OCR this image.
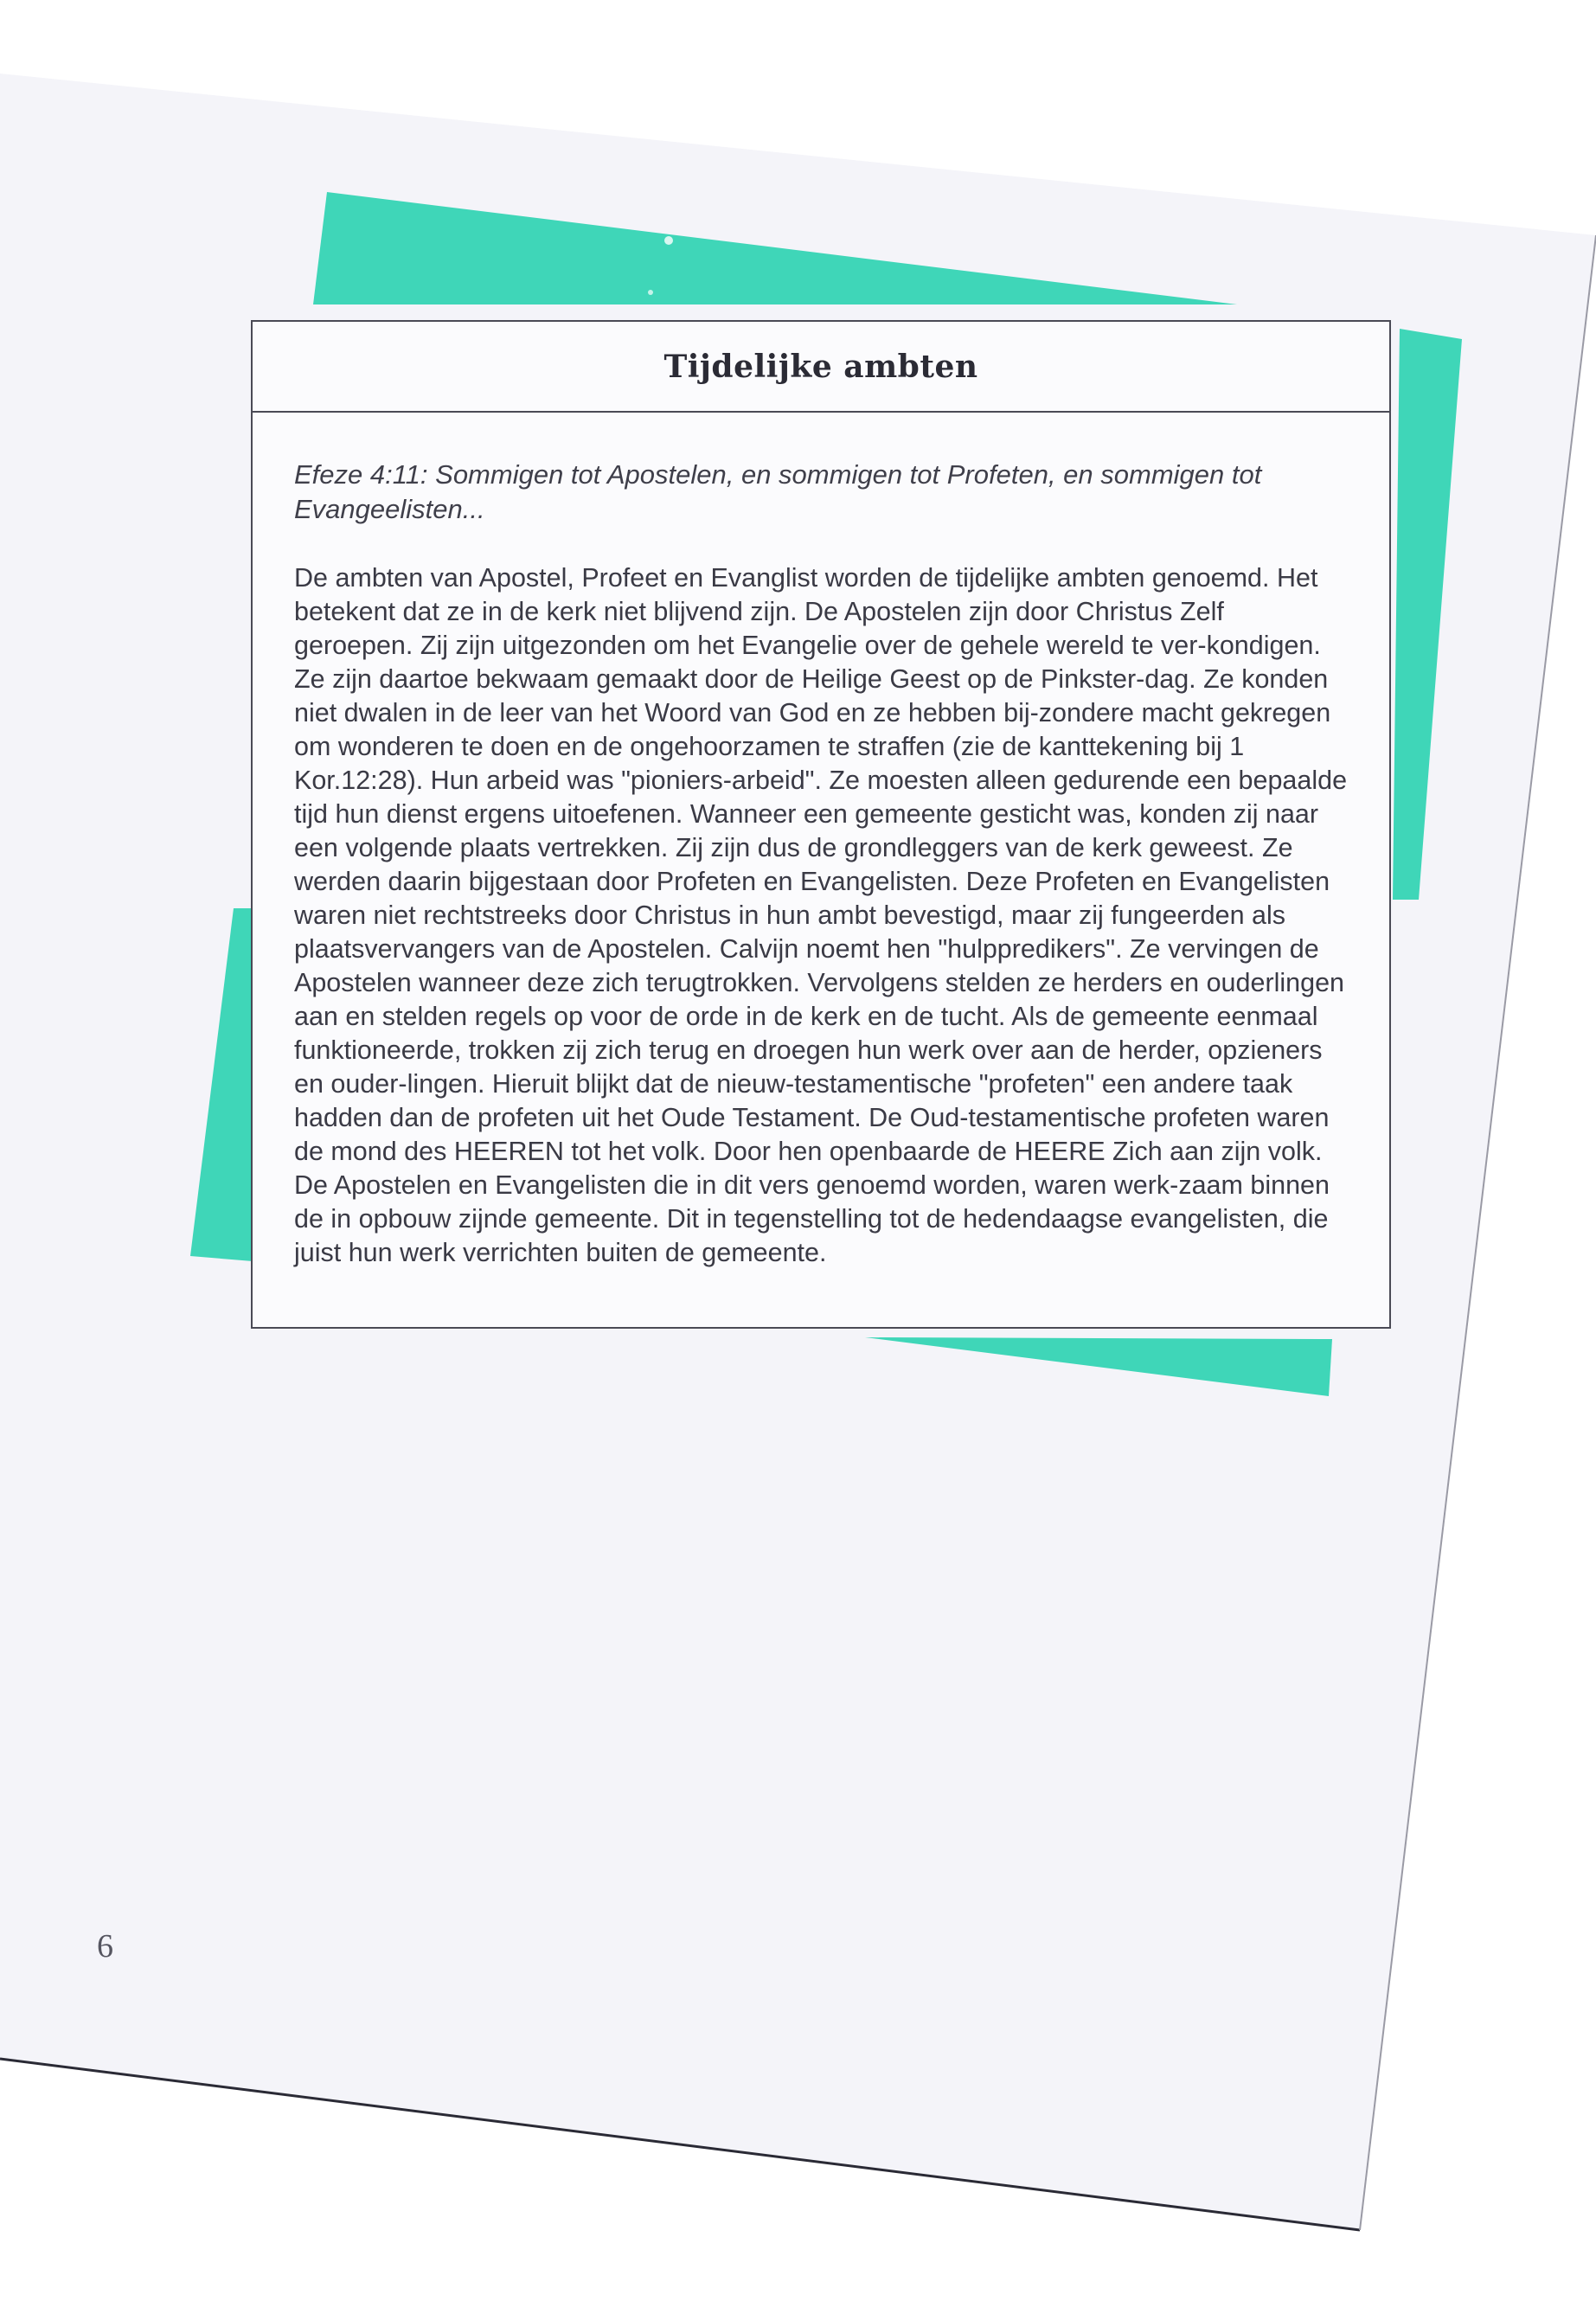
Tijdelijke ambten

Efeze 4:11: Sommigen tot Apostelen, en sommigen tot Profeten, en sommigen tot Evangeelisten...

De ambten van Apostel, Profeet en Evanglist worden de tijdelijke ambten genoemd. Het betekent dat ze in de kerk niet blijvend zijn. De Apostelen zijn door Christus Zelf geroepen. Zij zijn uitgezonden om het Evangelie over de gehele wereld te ver-kondigen. Ze zijn daartoe bekwaam gemaakt door de Heilige Geest op de Pinkster-dag. Ze konden niet dwalen in de leer van het Woord van God en ze hebben bij-zondere macht gekregen om wonderen te doen en de ongehoorzamen te straffen (zie de kanttekening bij 1 Kor.12:28). Hun arbeid was "pioniers-arbeid". Ze moesten alleen gedurende een bepaalde tijd hun dienst ergens uitoefenen. Wanneer een gemeente gesticht was, konden zij naar een volgende plaats vertrekken. Zij zijn dus de grondleggers van de kerk geweest. Ze werden daarin bijgestaan door Profeten en Evangelisten. Deze Profeten en Evangelisten waren niet rechtstreeks door Christus in hun ambt bevestigd, maar zij fungeerden als plaatsvervangers van de Apostelen. Calvijn noemt hen "hulppredikers". Ze vervingen de Apostelen wanneer deze zich terugtrokken. Vervolgens stelden ze herders en ouderlingen aan en stelden regels op voor de orde in de kerk en de tucht. Als de gemeente eenmaal funktioneerde, trokken zij zich terug en droegen hun werk over aan de herder, opzieners en ouder-lingen. Hieruit blijkt dat de nieuw-testamentische "profeten" een andere taak hadden dan de profeten uit het Oude Testament. De Oud-testamentische profeten waren de mond des HEEREN tot het volk. Door hen openbaarde de HEERE Zich aan zijn volk. De Apostelen en Evangelisten die in dit vers genoemd worden, waren werk-zaam binnen de in opbouw zijnde gemeente. Dit in tegenstelling tot de hedendaagse evangelisten, die juist hun werk verrichten buiten de gemeente.

6
